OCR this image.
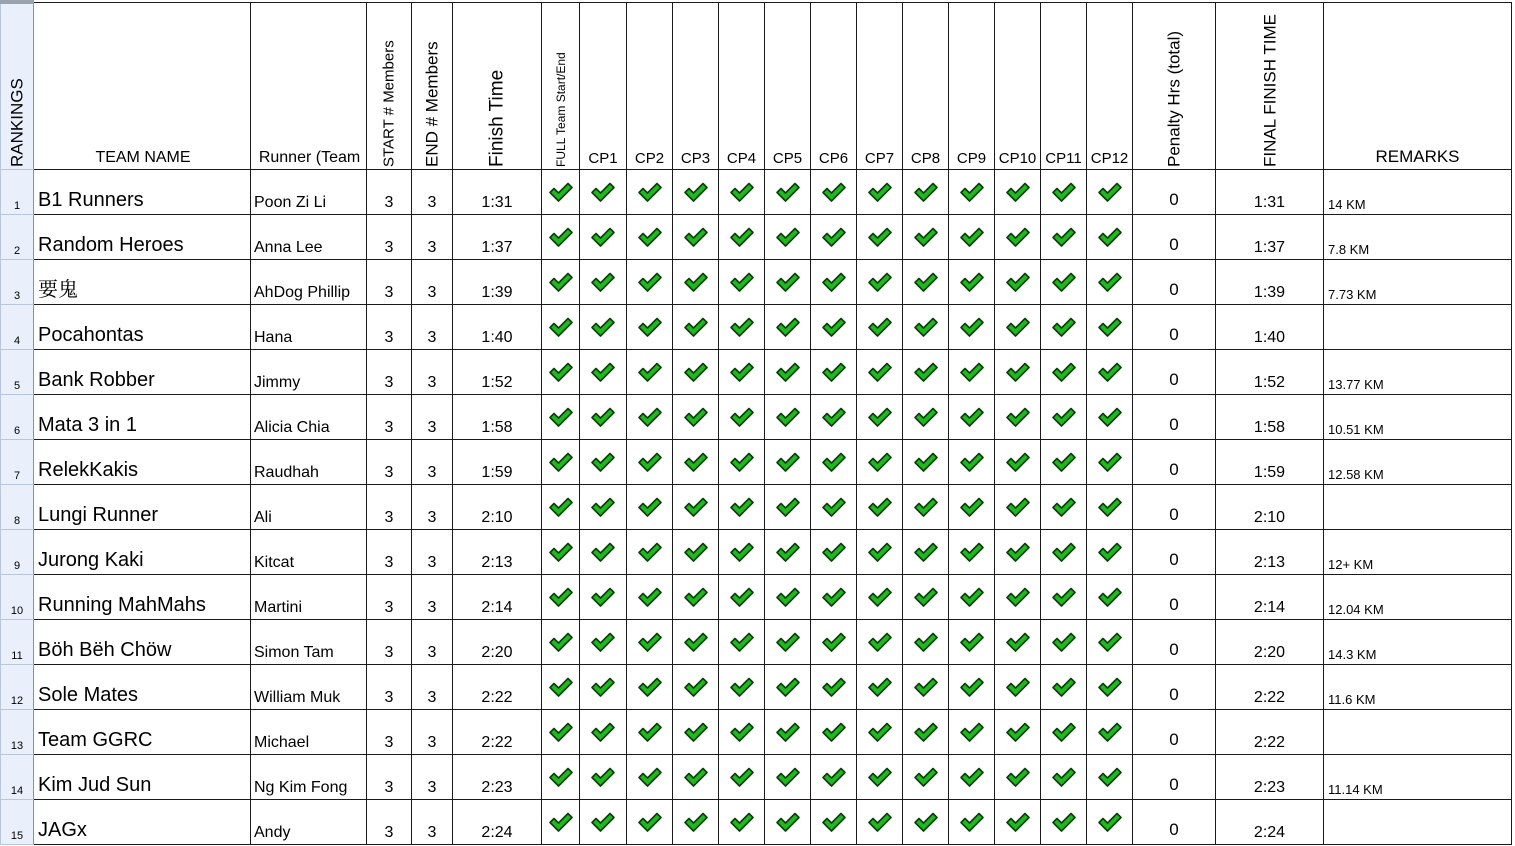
RANKINGS	TEAM NAME	Runner (Team	START # Members	END # Members	Finish Time	FULL Team Start/End	CP1	CP2	CP3	CP4	CP5	CP6	CP7	CP8	CP9	CP10	CP11	CP12	Penalty Hrs (total)	FINAL FINISH TIME	REMARKS

1	B1 Runners	Poon Zi Li	3	3	1:31														0	1:31	14 KM

2	Random Heroes	Anna Lee	3	3	1:37														0	1:37	7.8 KM

3	要鬼	AhDog Phillip	3	3	1:39														0	1:39	7.73 KM

4	Pocahontas	Hana	3	3	1:40														0	1:40	

5	Bank Robber	Jimmy	3	3	1:52														0	1:52	13.77 KM

6	Mata 3 in 1	Alicia Chia	3	3	1:58														0	1:58	10.51 KM

7	RelekKakis	Raudhah	3	3	1:59														0	1:59	12.58 KM

8	Lungi Runner	Ali	3	3	2:10														0	2:10	

9	Jurong Kaki	Kitcat	3	3	2:13														0	2:13	12+ KM

10	Running MahMahs	Martini	3	3	2:14														0	2:14	12.04 KM

11	Böh Bëh Chöw	Simon Tam	3	3	2:20														0	2:20	14.3 KM

12	Sole Mates	William Muk	3	3	2:22														0	2:22	11.6 KM

13	Team GGRC	Michael	3	3	2:22														0	2:22	

14	Kim Jud Sun	Ng Kim Fong	3	3	2:23														0	2:23	11.14 KM

15	JAGx	Andy	3	3	2:24														0	2:24	
